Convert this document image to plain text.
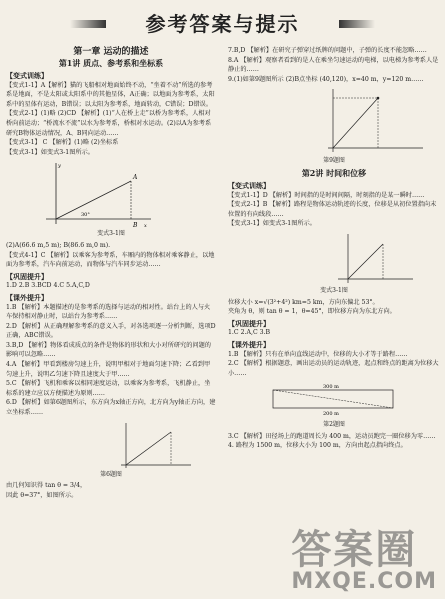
参考答案与提示
第一章 运动的描述
第1讲 质点、参考系和坐标系
【变式训练】

【变式1-1】A【解析】猫的飞船相对地面始终不动，“坐着不动”所选的参考系是地面，不是太阳或太阳系中的其他星体，A正确；以地面为参考系，太阳系中的星体有运动，B错误；以太阳为参考系，地面转动，C错误；D错误。

【变式2-1】(1)略 (2)CD 【解析】(1)“人在桥上走”以桥为参考系，人相对桥向前运动；“桥流水不流”以水为参考系，桥相对水运动。(2)以A为参考系研究B物体运动情况，A、B同向运动……

【变式3-1】 C 【解析】(1)略 (2)坐标系

【变式3-1】如变式3-1图所示。

A
B
30°
x
y
变式3-1图

(2)A(66.6 m,5 m); B(86.6 m,0 m).

【变式4-1】C 【解析】以乘客为参考系，车厢内的物体相对乘客静止，以地面为参考系，汽车向前运动，而物体与汽车同步运动……

【巩固提升】

1.D 2.B 3.BCD 4.C 5.A,C,D

【课外提升】

1.B 【解析】本题描述的是参考系的选择与运动的相对性。站台上的人与火车保持相对静止时，以站台为参考系……

2.D 【解析】从正确理解参考系的意义入手，对各选项逐一分析判断，选项D正确，ABC错误。

3.B,D 【解析】物体看成质点的条件是物体的形状和大小对所研究的问题的影响可以忽略……

4.A 【解析】甲看到楼房匀速上升，说明甲相对于地面匀速下降；乙看到甲匀速上升，说明乙匀速下降且速度大于甲……

5.C 【解析】飞机和乘客以相同速度运动，以乘客为参考系，飞机静止，坐标系的建立应以方便描述为原则……

6.D 【解析】如第6题图所示，东方向为x轴正方向，北方向为y轴正方向，建立坐标系……

第6题图

由几何知识得 tan θ = 3/4，

因此 θ=37°，如图所示。

7.B,D 【解析】在研究子弹穿过纸牌的问题中，子弹的长度不能忽略……

8.A 【解析】观察者看到的是人在乘坐匀速运动的电梯，以电梯为参考系人是静止的……

9.(1)如第9题图所示 (2)B点坐标 (40,120)，x=40 m，y=120 m……

第9题图
第2讲 时间和位移
【变式训练】

【变式1-1】D 【解析】时间指的是时间间隔，时刻指的是某一瞬时……

【变式2-1】B 【解析】路程是物体运动轨迹的长度，位移是从初位置指向末位置的有向线段……

【变式3-1】如变式3-1图所示。

变式3-1图

位移大小 x=√(3²+4²) km=5 km，方向东偏北 53°。

夹角为 θ，则 tan θ = 1，θ=45°，即位移方向为东北方向。

【巩固提升】

1.C 2.A,C 3.B

【课外提升】

1.B 【解析】只有在单向直线运动中，位移的大小才等于路程……

2.C 【解析】根据题意，画出运动员的运动轨迹，起点和终点的距离为位移大小……

300 m
200 m
第2题图

3.C 【解析】田径场上的跑道周长为 400 m，运动员跑完一圈位移为零……

4. 路程为 1500 m，位移大小为 100 m，方向由起点指向终点。

答案圈
MXQE.COM
